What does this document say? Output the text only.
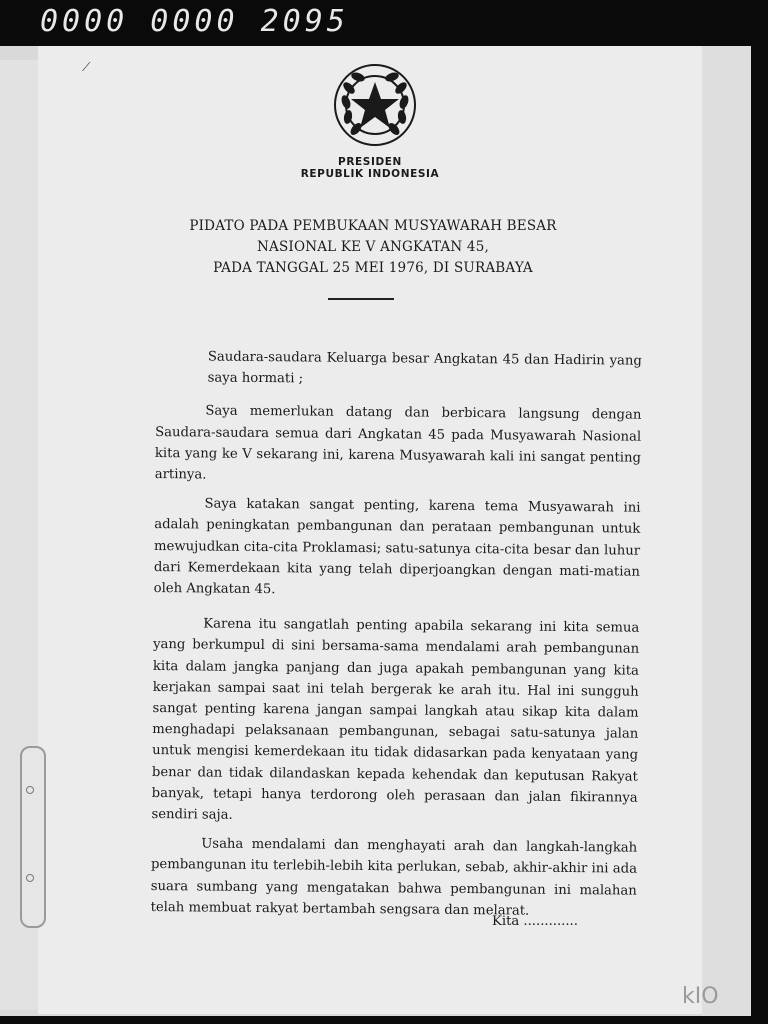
0000 0000 2095
⟋
PRESIDEN
REPUBLIK INDONESIA
PIDATO PADA PEMBUKAAN MUSYAWARAH BESAR
NASIONAL KE V ANGKATAN 45,
PADA TANGGAL 25 MEI 1976, DI SURABAYA

Saudara-saudara Keluarga besar Angkatan 45 dan Hadirin yang saya hormati ;

Saya memerlukan datang dan berbicara langsung dengan Saudara-saudara semua dari Angkatan 45 pada Musyawarah Nasional kita yang ke V sekarang ini, karena Musyawarah kali ini sangat penting artinya.

Saya katakan sangat penting, karena tema Musyawarah ini adalah peningkatan pembangunan dan perataan pembangunan untuk mewujudkan cita-cita Proklamasi; satu-satunya cita-cita besar dan luhur dari Kemerdekaan kita yang telah diperjoangkan dengan mati-matian oleh Angkatan 45.

Karena itu sangatlah penting apabila sekarang ini kita semua yang berkumpul di sini bersama-sama mendalami arah pembangunan kita dalam jangka panjang dan juga apakah pembangunan yang kita kerjakan sampai saat ini telah bergerak ke arah itu. Hal ini sungguh sangat penting karena jangan sampai langkah atau sikap kita dalam menghadapi pelaksanaan pembangunan, sebagai satu-satunya jalan untuk mengisi kemerdekaan itu tidak didasarkan pada kenyataan yang benar dan tidak dilandaskan kepada kehendak dan keputusan Rakyat banyak, tetapi hanya terdorong oleh perasaan dan jalan fikirannya sendiri saja.

Usaha mendalami dan menghayati arah dan langkah-langkah pembangunan itu terlebih-lebih kita perlukan, sebab, akhir-akhir ini ada suara sumbang yang mengatakan bahwa pembangunan ini malahan telah membuat rakyat bertambah sengsara dan melarat.

Kita .............
kIO
